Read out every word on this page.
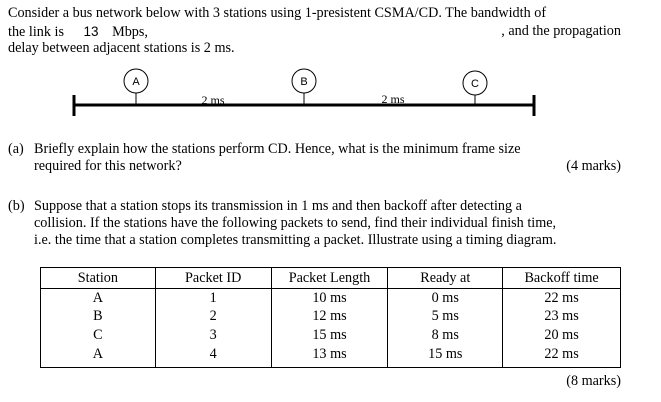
Consider a bus network below with 3 stations using 1-presistent CSMA/CD. The bandwidth of
the link is 13 Mbps,	, and the propagation
delay between adjacent stations is 2 ms.
A	B	C
2 ms	2 ms
(a) Briefly explain how the stations perform CD. Hence, what is the minimum frame size
required for this network?	(4 marks)
(b) Suppose that a station stops its transmission in 1 ms and then backoff after detecting a
collision. If the stations have the following packets to send, find their individual finish time,
i.e. the time that a station completes transmitting a packet. Illustrate using a timing diagram.
Station	Packet ID	Packet Length	Ready at	Backoff time
A	1	10 ms	0 ms	22 ms
B	2	12 ms	5 ms	23 ms
C	3	15 ms	8 ms	20 ms
A	4	13 ms	15 ms	22 ms
(8 marks)
